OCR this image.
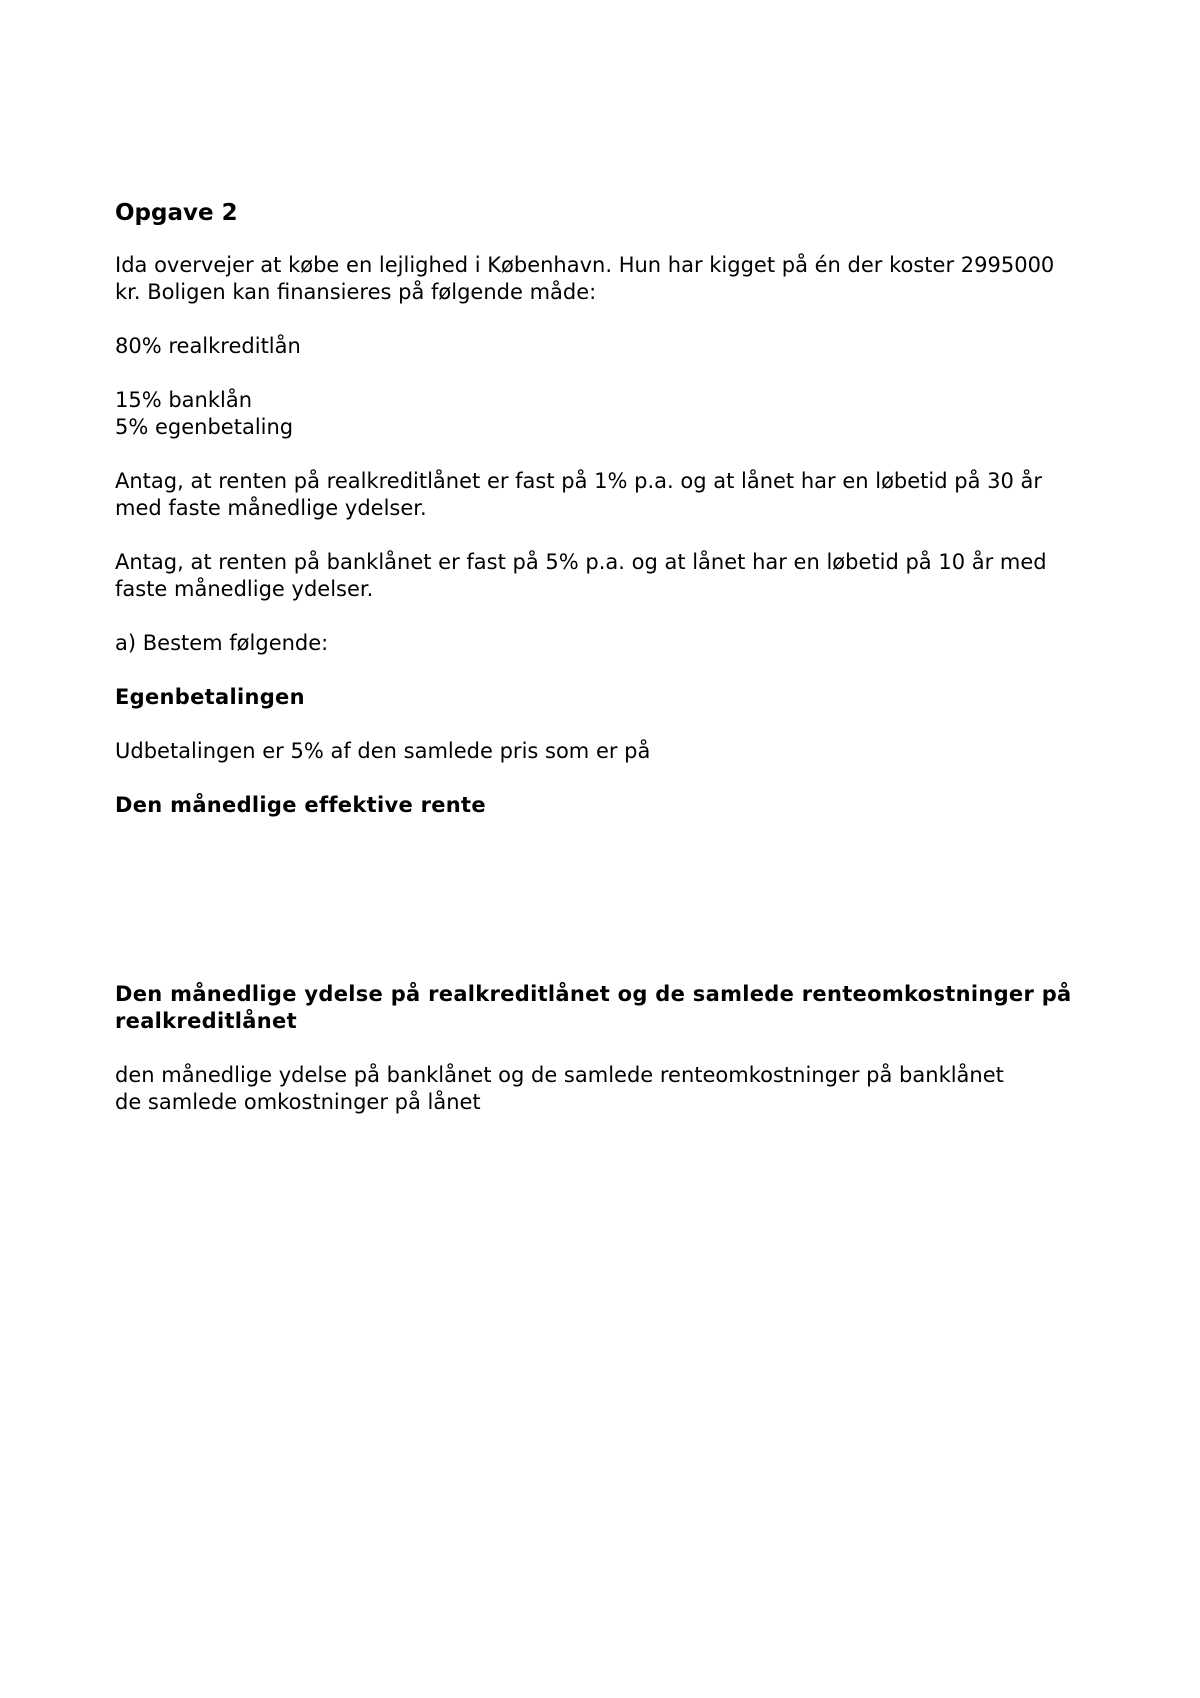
Opgave 2

Ida overvejer at købe en lejlighed i København. Hun har kigget på én der koster 2995000 kr. Boligen kan finansieres på følgende måde:

80% realkreditlån

15% banklån
5% egenbetaling

Antag, at renten på realkreditlånet er fast på 1% p.a. og at lånet har en løbetid på 30 år med faste månedlige ydelser.

Antag, at renten på banklånet er fast på 5% p.a. og at lånet har en løbetid på 10 år med faste månedlige ydelser.

a) Bestem følgende:

Egenbetalingen

Udbetalingen er 5% af den samlede pris som er på

Den månedlige effektive rente
Den månedlige ydelse på realkreditlånet og de samlede renteomkostninger på realkreditlånet

den månedlige ydelse på banklånet og de samlede renteomkostninger på banklånet
de samlede omkostninger på lånet
